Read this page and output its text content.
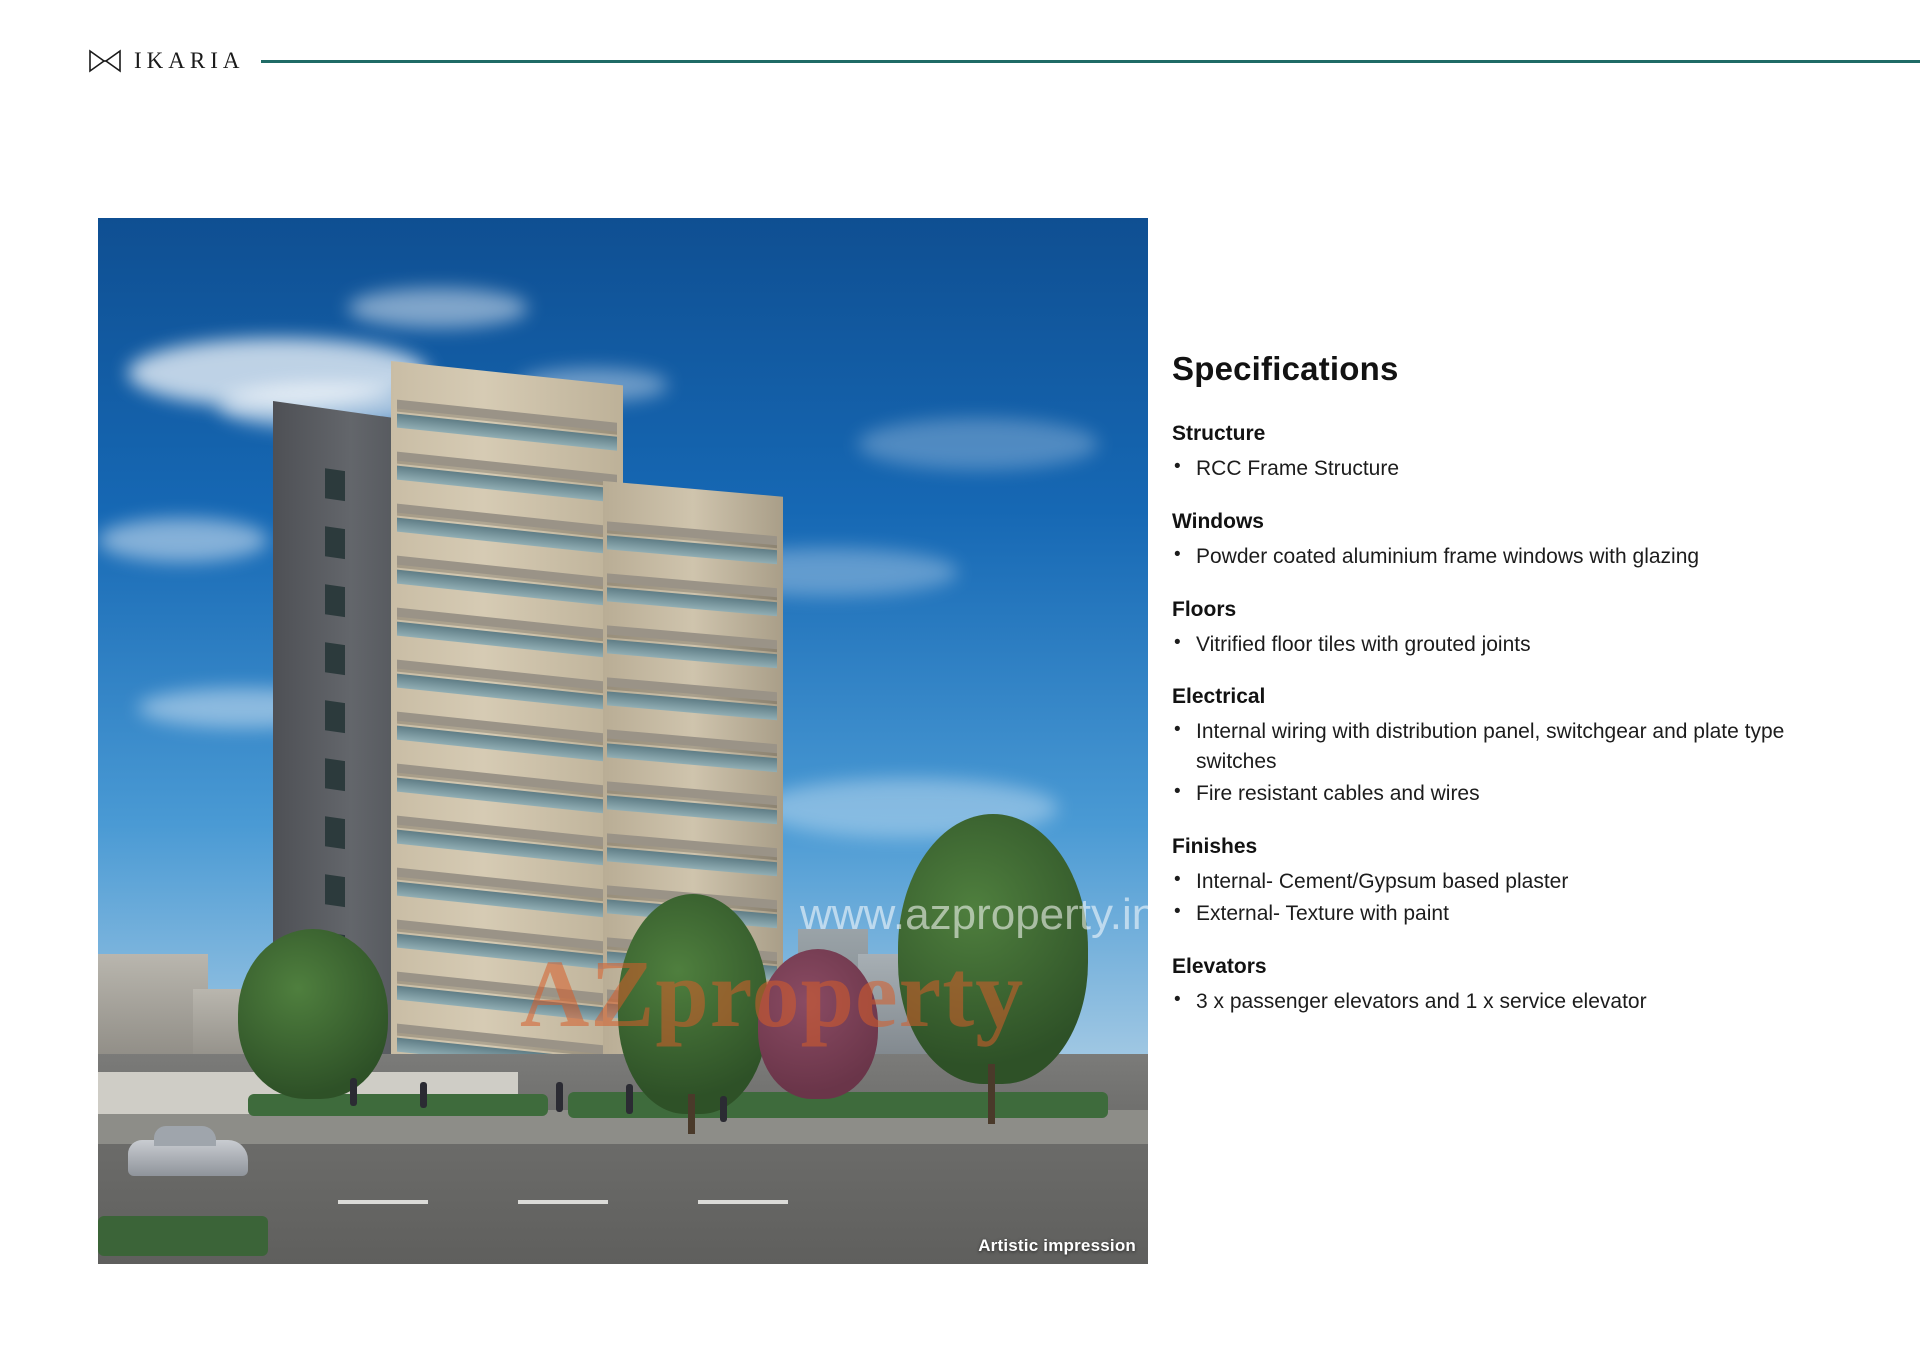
IKARIA
Artistic impression
www.azproperty.in
AZproperty
Specifications
Structure
• RCC Frame Structure
Windows
• Powder coated aluminium frame windows with glazing
Floors
• Vitrified floor tiles with grouted joints
Electrical
• Internal wiring with distribution panel, switchgear and plate type switches
• Fire resistant cables and wires
Finishes
• Internal- Cement/Gypsum based plaster
• External- Texture with paint
Elevators
• 3 x passenger elevators and 1 x service elevator
